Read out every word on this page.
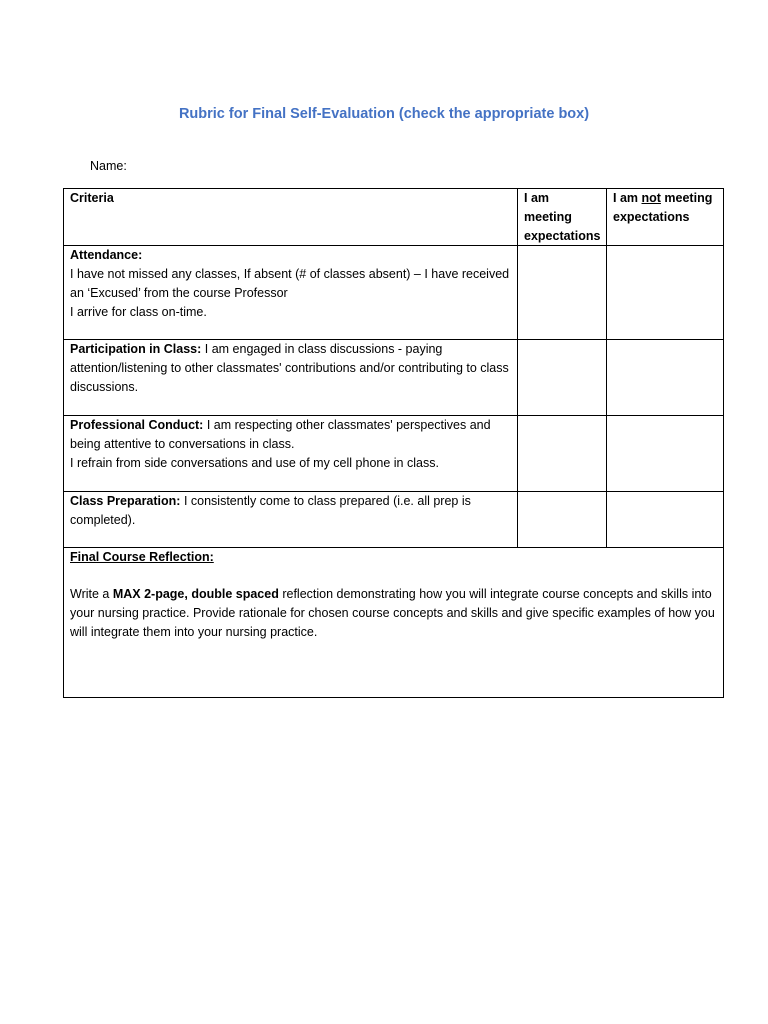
Rubric for Final Self-Evaluation (check the appropriate box)
Name:
Criteria	I am meeting expectations	I am not meeting expectations

Attendance:
I have not missed any classes, If absent (# of classes absent) – I have received an ‘Excused’ from the course Professor
I arrive for class on-time.		

Participation in Class: I am engaged in class discussions - paying attention/listening to other classmates' contributions and/or contributing to class discussions.		

Professional Conduct: I am respecting other classmates' perspectives and being attentive to conversations in class.
I refrain from side conversations and use of my cell phone in class.		

Class Preparation: I consistently come to class prepared (i.e. all prep is completed).		

Final Course Reflection:
Write a MAX 2-page, double spaced reflection demonstrating how you will integrate course concepts and skills into your nursing practice. Provide rationale for chosen course concepts and skills and give specific examples of how you will integrate them into your nursing practice.		
